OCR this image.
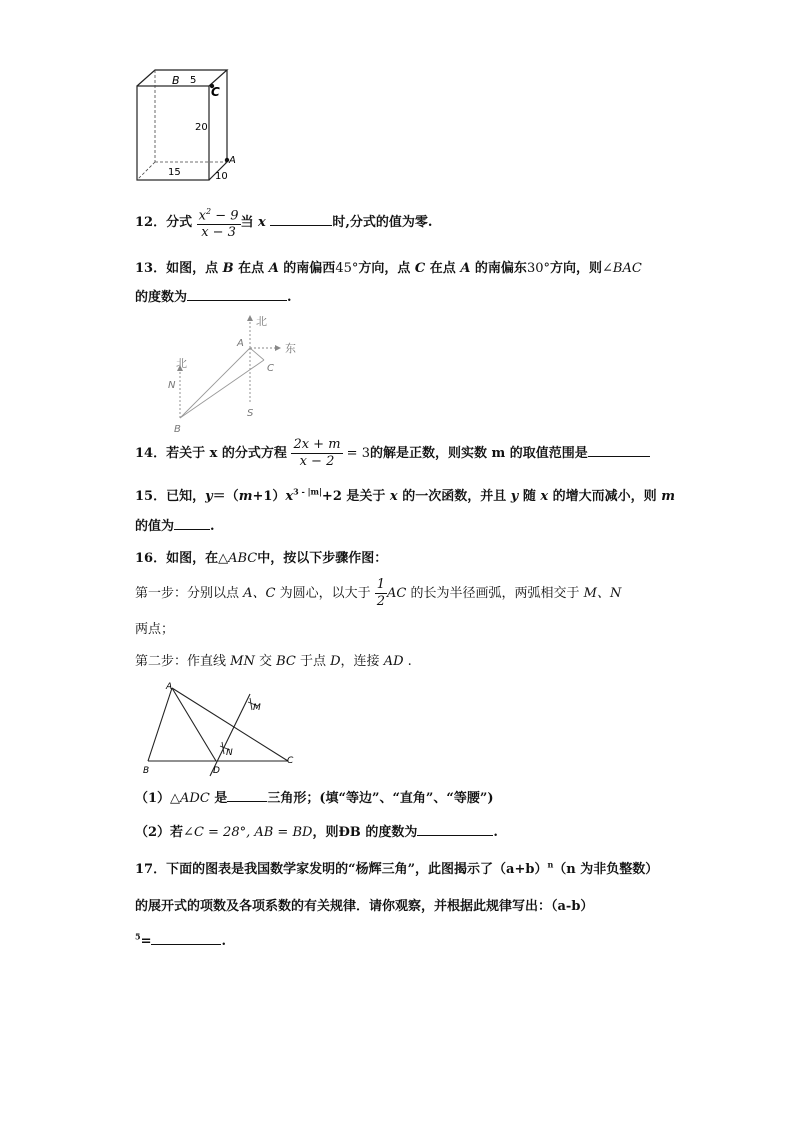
B 5
C
20
A
15	10
12．分式 $\frac{x^2 - 9}{x - 3}$ 当 x	时,分式的值为零.
13．如图，点 B 在点 A 的南偏西45°方向，点 C 在点 A 的南偏东30°方向，则∠BAC
的度数为	.
北
东
A
C
北
N
S
B
14．若关于 x 的分式方程 $\frac{2x + m}{x - 2} = 3$的解是正数，则实数 m 的取值范围是
15．已知，$y=(m+1)x^{3 - |m|}+2$ 是关于 x 的一次函数，并且 y 随 x 的增大而减小，则 m
的值为	.
16．如图，在△ABC中，按以下步骤作图：
第一步：分别以点 A、C 为圆心，以大于 $\frac{1}{2}$ AC 的长为半径画弧，两弧相交于 M、N
两点；
第二步：作直线 MN 交 BC 于点 D，连接 AD .
A
M
N
B	D
C
（1）△ADC 是	三角形；(填“等边”、“直角”、“等腰”)
（2）若∠C = 28°, AB = BD，则ÐB 的度数为	.
17．下面的图表是我国数学家发明的“杨辉三角”，此图揭示了$(a+b)^n(n$ 为非负整数）
的展开式的项数及各项系数的有关规律．请你观察，并根据此规律写出：（a-b）
$^5$=	.
